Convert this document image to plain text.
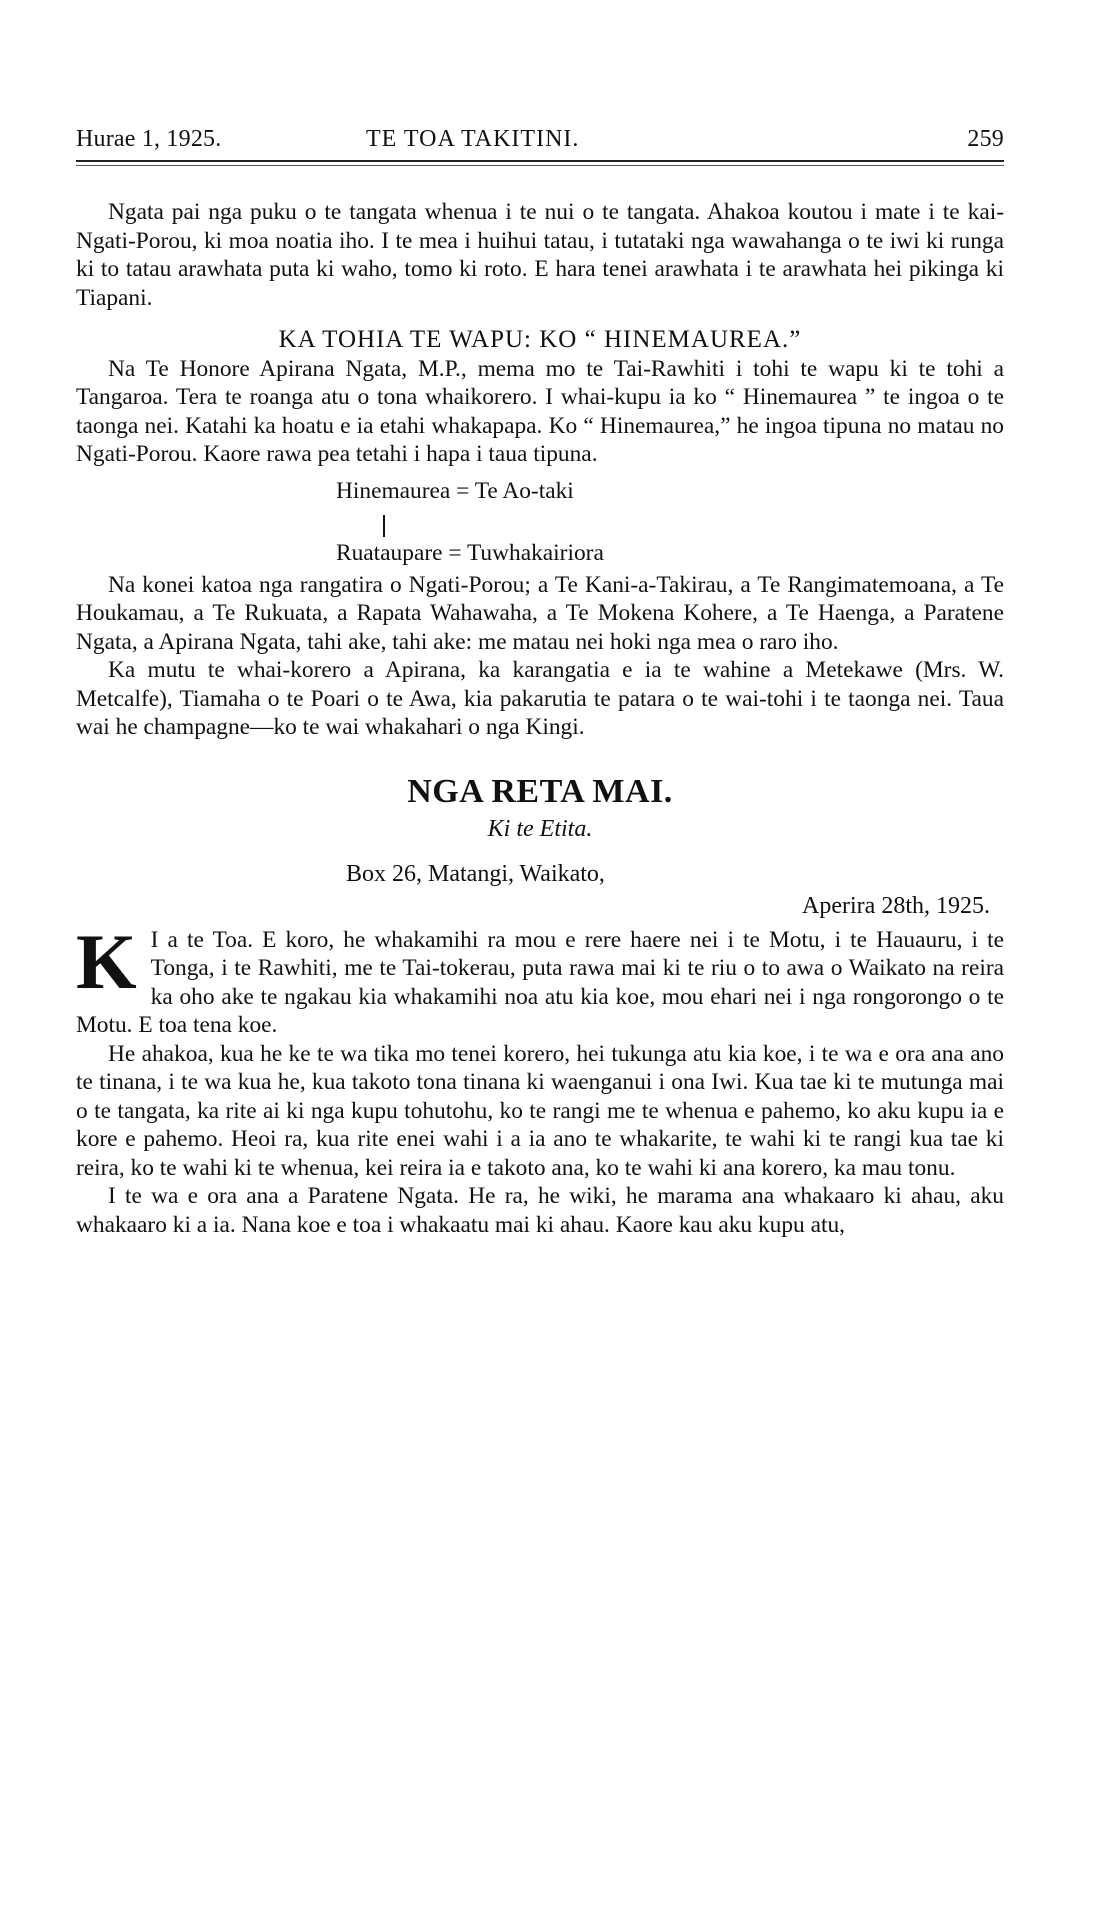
Hurae 1, 1925.	TE TOA TAKITINI.	259

Ngata pai nga puku o te tangata whenua i te nui o te tangata. Ahakoa koutou i mate i te kai- Ngati-Porou, ki moa noatia iho. I te mea i huihui tatau, i tutataki nga wawahanga o te iwi ki runga ki to tatau arawhata puta ki waho, tomo ki roto. E hara tenei arawhata i te arawhata hei pikinga ki Tiapani.

KA TOHIA TE WAPU: KO “ HINEMAUREA.”

Na Te Honore Apirana Ngata, M.P., mema mo te Tai-Rawhiti i tohi te wapu ki te tohi a Tangaroa. Tera te roanga atu o tona whaikorero. I whai-kupu ia ko “ Hinemaurea ” te ingoa o te taonga nei. Katahi ka hoatu e ia etahi whakapapa. Ko “ Hinemaurea,” he ingoa tipuna no matau no Ngati-Porou. Kaore rawa pea tetahi i hapa i taua tipuna.

Hinemaurea = Te Ao-taki
Ruataupare = Tuwhakairiora

Na konei katoa nga rangatira o Ngati-Porou; a Te Kani-a-Takirau, a Te Rangimatemoana, a Te Houkamau, a Te Rukuata, a Rapata Wahawaha, a Te Mokena Kohere, a Te Haenga, a Paratene Ngata, a Apirana Ngata, tahi ake, tahi ake: me matau nei hoki nga mea o raro iho.

Ka mutu te whai-korero a Apirana, ka karangatia e ia te wahine a Metekawe (Mrs. W. Metcalfe), Tiamaha o te Poari o te Awa, kia pakarutia te patara o te wai-tohi i te taonga nei. Taua wai he champagne—ko te wai whakahari o nga Kingi.

NGA RETA MAI.
Ki te Etita.
Box 26, Matangi, Waikato,
Aperira 28th, 1925.
K I a te Toa. E koro, he whakamihi ra mou e rere haere nei i te Motu, i te Hauauru, i te Tonga, i te Rawhiti, me te Tai-tokerau, puta rawa mai ki te riu o to awa o Waikato na reira ka oho ake te ngakau kia whakamihi noa atu kia koe, mou ehari nei i nga rongorongo o te Motu. E toa tena koe.

He ahakoa, kua he ke te wa tika mo tenei korero, hei tukunga atu kia koe, i te wa e ora ana ano te tinana, i te wa kua he, kua takoto tona tinana ki waenganui i ona Iwi. Kua tae ki te mutunga mai o te tangata, ka rite ai ki nga kupu tohutohu, ko te rangi me te whenua e pahemo, ko aku kupu ia e kore e pahemo. Heoi ra, kua rite enei wahi i a ia ano te whakarite, te wahi ki te rangi kua tae ki reira, ko te wahi ki te whenua, kei reira ia e takoto ana, ko te wahi ki ana korero, ka mau tonu.

I te wa e ora ana a Paratene Ngata. He ra, he wiki, he marama ana whakaaro ki ahau, aku whakaaro ki a ia. Nana koe e toa i whakaatu mai ki ahau. Kaore kau aku kupu atu,
